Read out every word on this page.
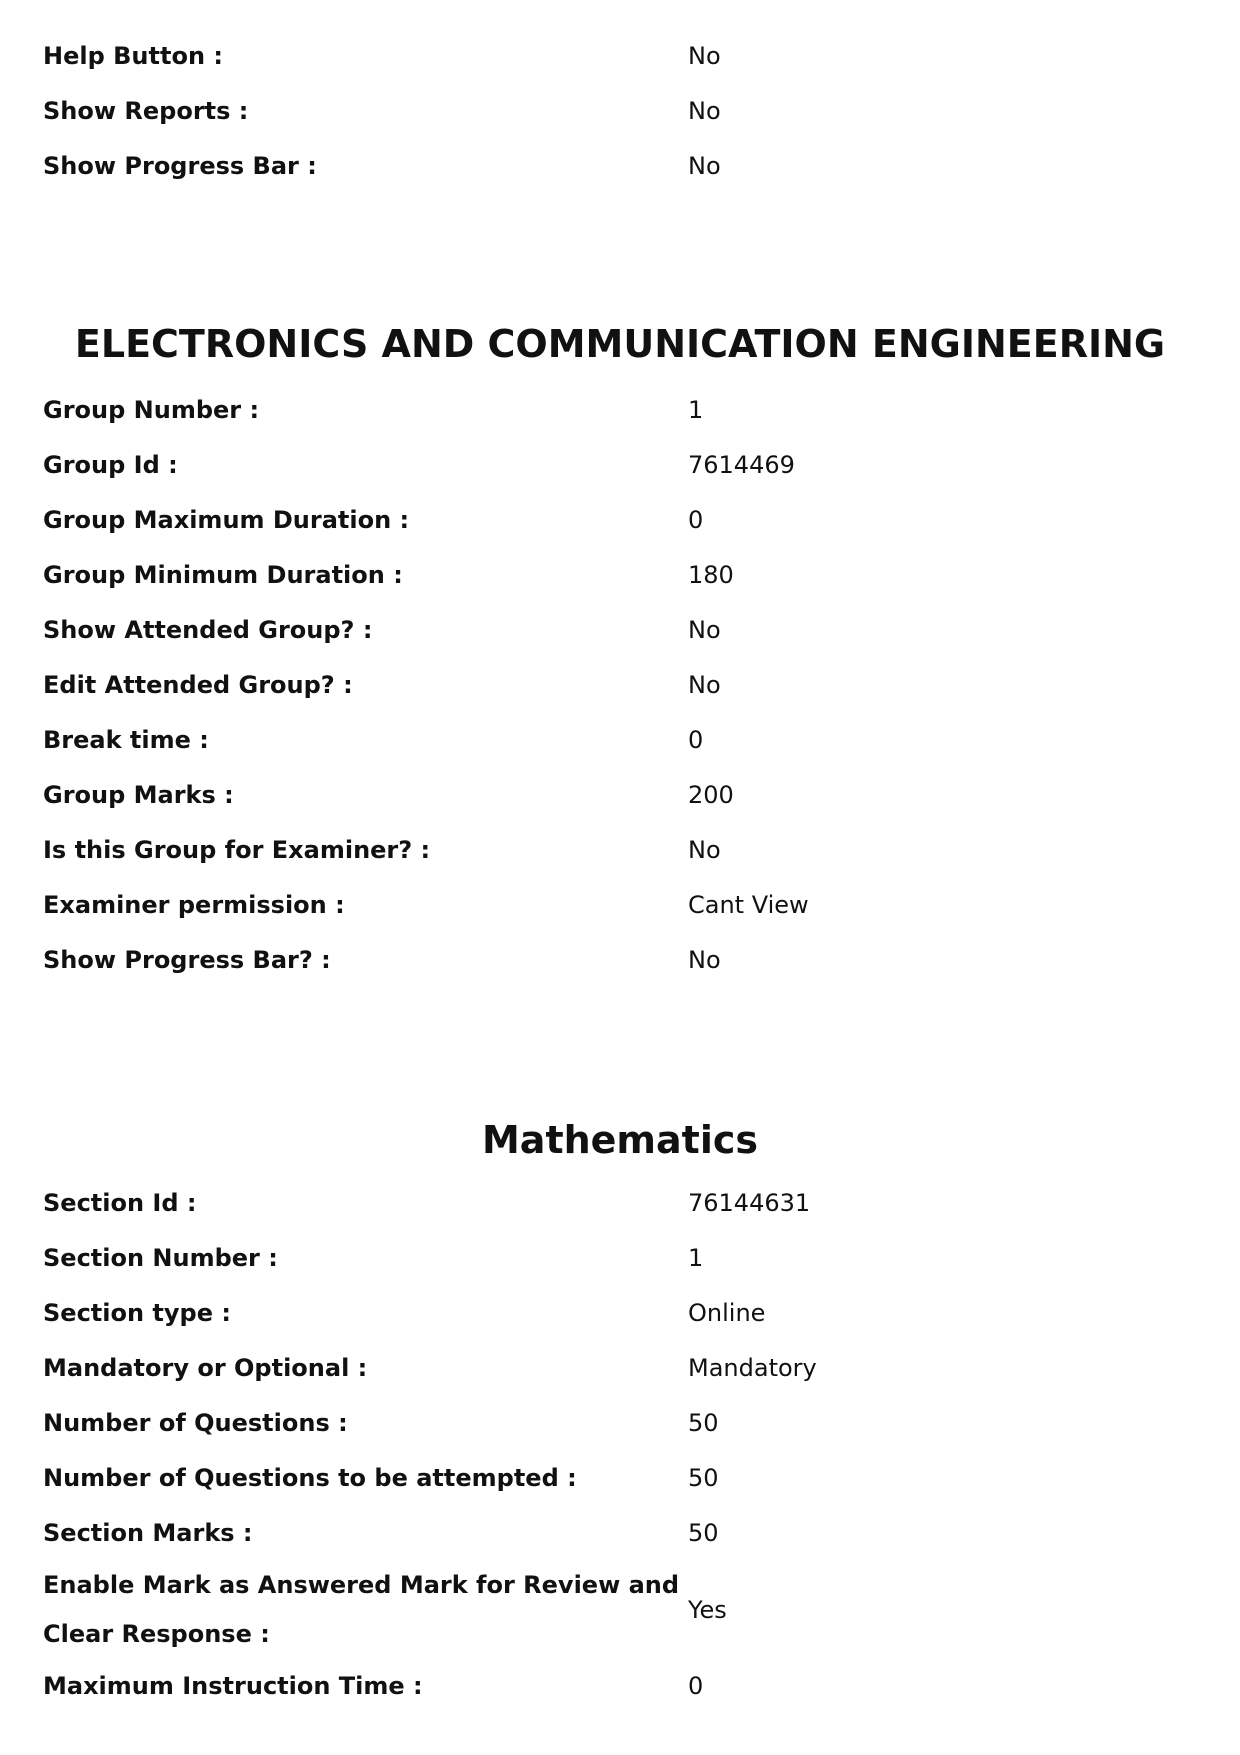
Help Button :	No
Show Reports :	No
Show Progress Bar :	No
ELECTRONICS AND COMMUNICATION ENGINEERING
Group Number :	1
Group Id :	7614469
Group Maximum Duration :	0
Group Minimum Duration :	180
Show Attended Group? :	No
Edit Attended Group? :	No
Break time :	0
Group Marks :	200
Is this Group for Examiner? :	No
Examiner permission :	Cant View
Show Progress Bar? :	No
Mathematics
Section Id :	76144631
Section Number :	1
Section type :	Online
Mandatory or Optional :	Mandatory
Number of Questions :	50
Number of Questions to be attempted :	50
Section Marks :	50
Enable Mark as Answered Mark for Review and Clear Response :	Yes
Maximum Instruction Time :	0
